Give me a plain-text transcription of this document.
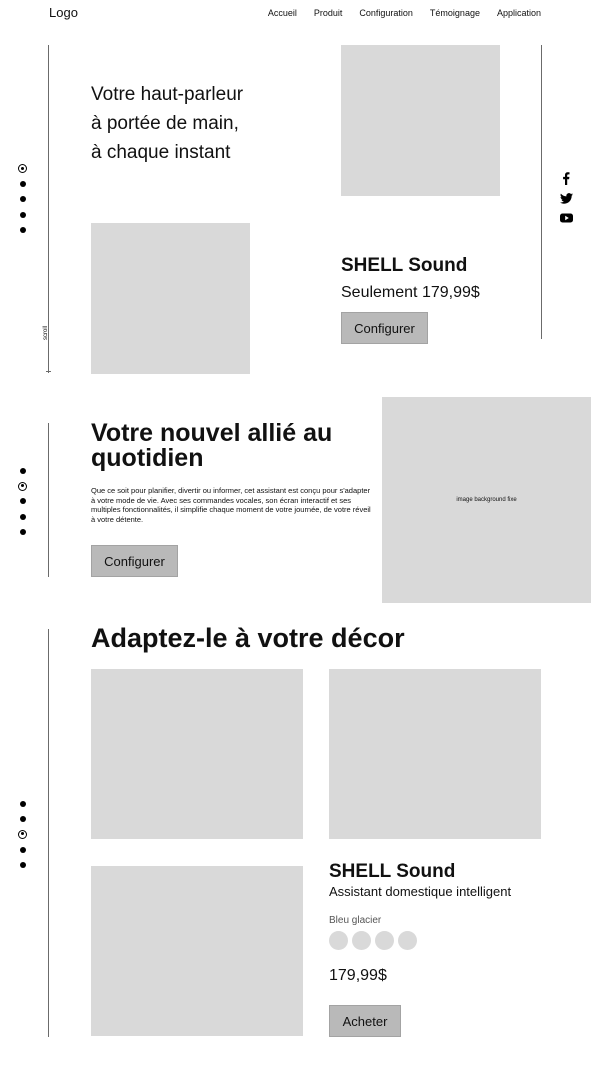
Logo	Accueil Produit Configuration Témoignage Application
scroll
Votre haut-parleur
à portée de main,
à chaque instant
SHELL Sound
Seulement 179,99$
Configurer
Votre nouvel allié au quotidien
Que ce soit pour planifier, divertir ou informer, cet assistant est conçu pour s'adapter à votre mode de vie. Avec ses commandes vocales, son écran interactif et ses multiples fonctionnalités, il simplifie chaque moment de votre journée, de votre réveil à votre détente.
Configurer
image background fixe
Adaptez-le à votre décor
SHELL Sound
Assistant domestique intelligent
Bleu glacier
179,99$
Acheter
